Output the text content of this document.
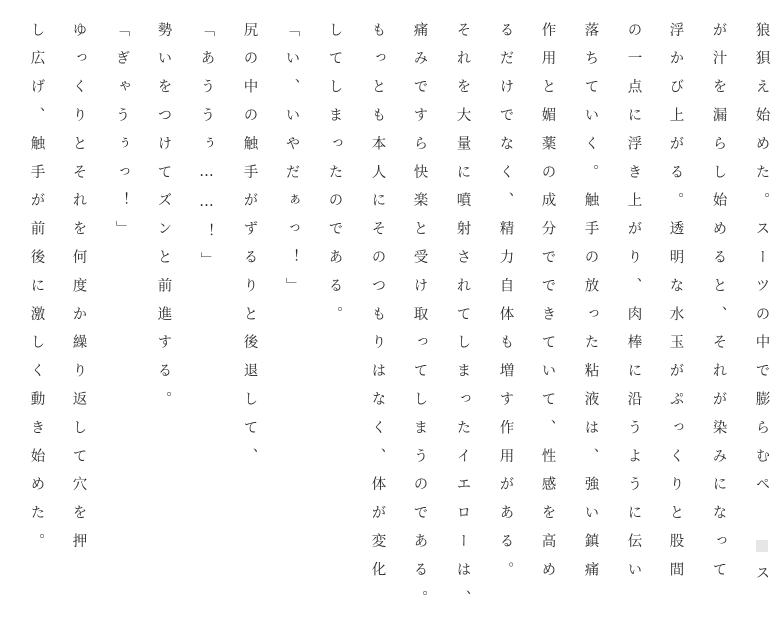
狼狽え始めた。スーツの中で膨らむペ
ス
が汁を漏らし始めると、それが染みになって
浮かび上がる。透明な水玉がぷっくりと股間
の一点に浮き上がり、肉棒に沿うように伝い
落ちていく。触手の放った粘液は、強い鎮痛
作用と媚薬の成分でできていて、性感を高め
るだけでなく、精力自体も増す作用がある。
それを大量に噴射されてしまったイエローは、
痛みですら快楽と受け取ってしまうのである。
もっとも本人にそのつもりはなく、体が変化
してしまったのである。
「い、いやだぁっ！」
尻の中の触手がずるりと後退して、
「あううぅ……！」
勢いをつけてズンと前進する。
「ぎゃうぅっ！」
ゆっくりとそれを何度か繰り返して穴を押
し広げ、触手が前後に激しく動き始めた。
